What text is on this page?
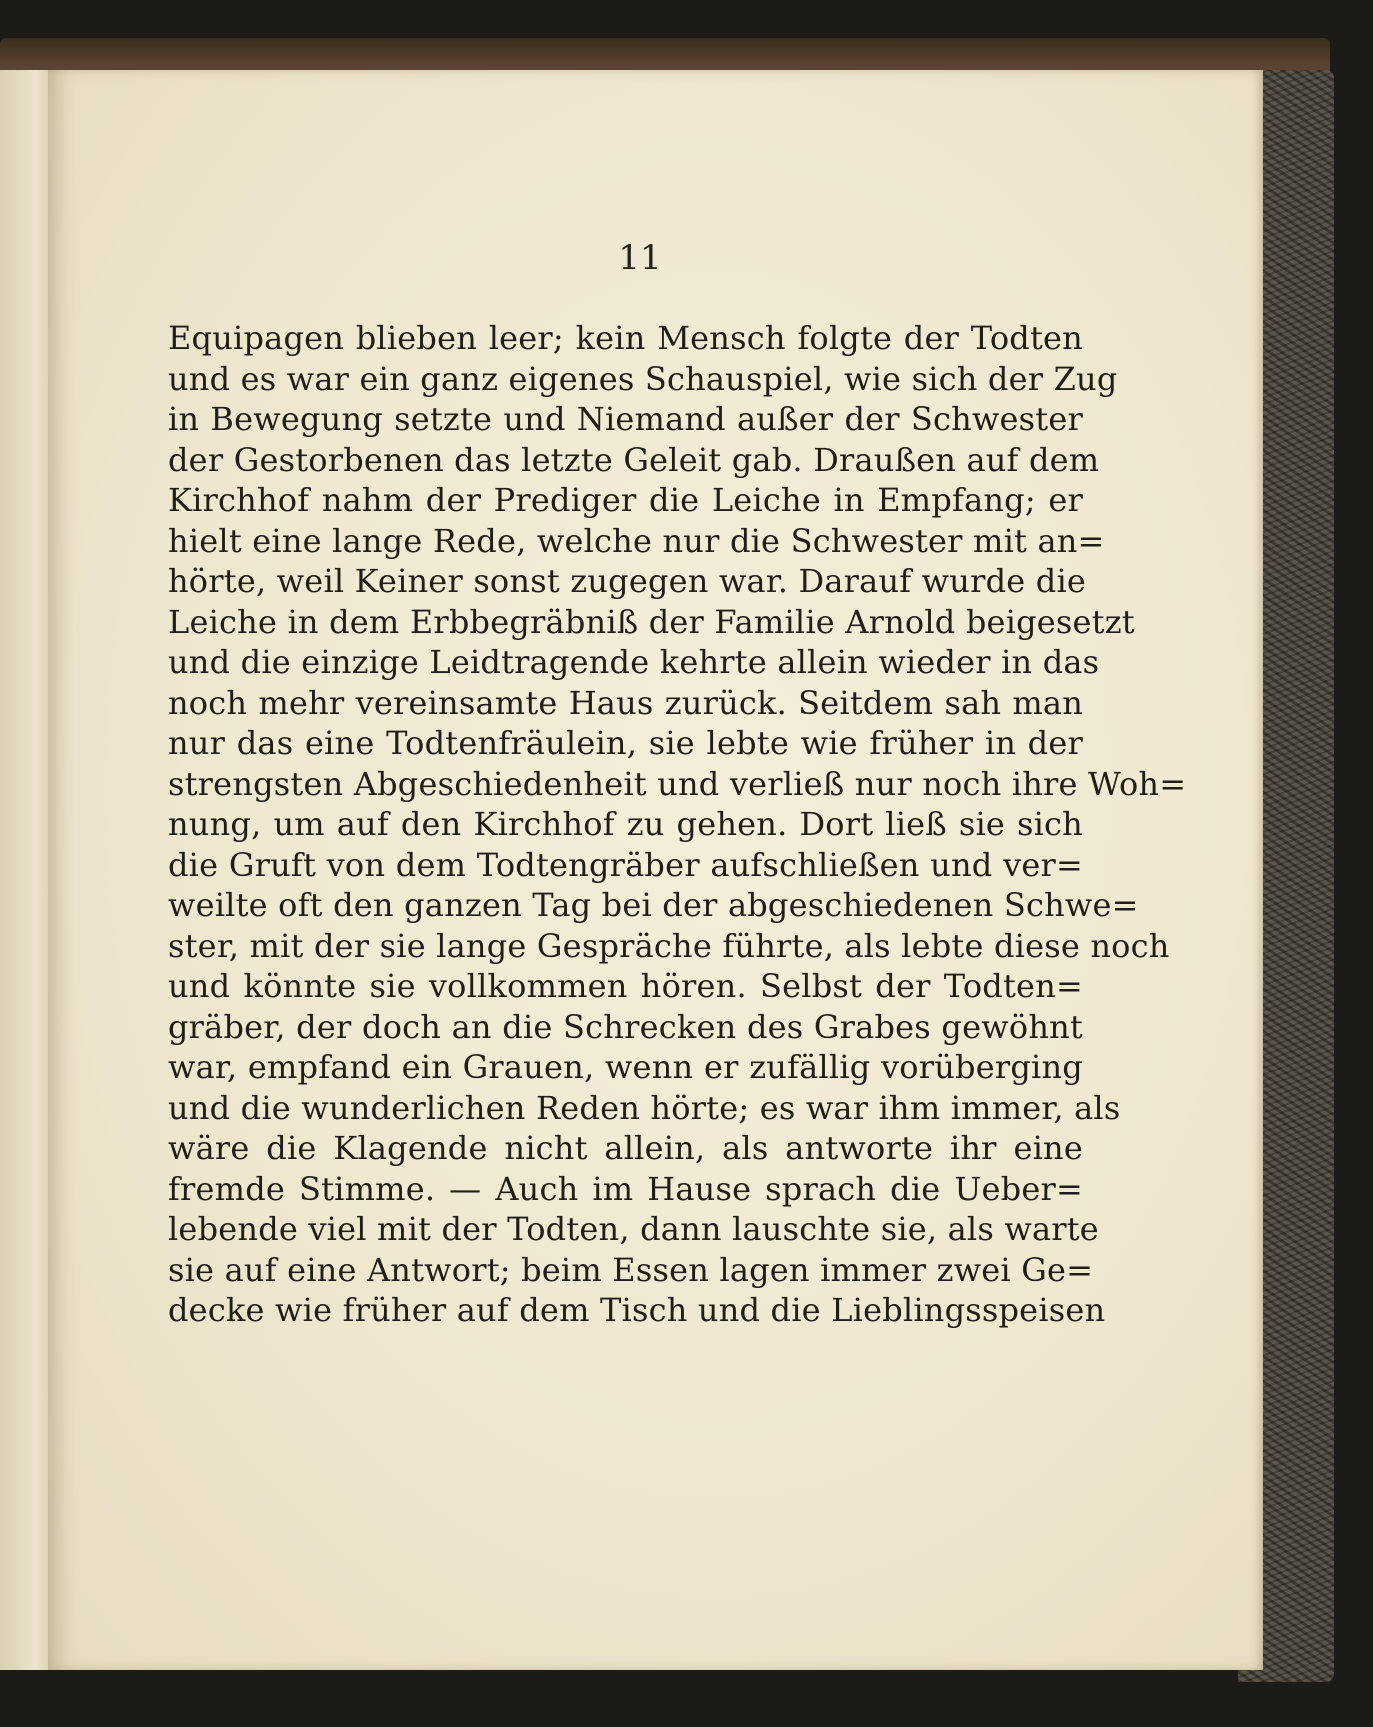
11
Equipagen blieben leer; kein Mensch folgte der Todten
und es war ein ganz eigenes Schauspiel, wie sich der Zug
in Bewegung setzte und Niemand außer der Schwester
der Gestorbenen das letzte Geleit gab. Draußen auf dem
Kirchhof nahm der Prediger die Leiche in Empfang; er
hielt eine lange Rede, welche nur die Schwester mit an=
hörte, weil Keiner sonst zugegen war. Darauf wurde die
Leiche in dem Erbbegräbniß der Familie Arnold beigesetzt
und die einzige Leidtragende kehrte allein wieder in das
noch mehr vereinsamte Haus zurück. Seitdem sah man
nur das eine Todtenfräulein, sie lebte wie früher in der
strengsten Abgeschiedenheit und verließ nur noch ihre Woh=
nung, um auf den Kirchhof zu gehen. Dort ließ sie sich
die Gruft von dem Todtengräber aufschließen und ver=
weilte oft den ganzen Tag bei der abgeschiedenen Schwe=
ster, mit der sie lange Gespräche führte, als lebte diese noch
und könnte sie vollkommen hören. Selbst der Todten=
gräber, der doch an die Schrecken des Grabes gewöhnt
war, empfand ein Grauen, wenn er zufällig vorüberging
und die wunderlichen Reden hörte; es war ihm immer, als
wäre die Klagende nicht allein, als antworte ihr eine
fremde Stimme. — Auch im Hause sprach die Ueber=
lebende viel mit der Todten, dann lauschte sie, als warte
sie auf eine Antwort; beim Essen lagen immer zwei Ge=
decke wie früher auf dem Tisch und die Lieblingsspeisen
